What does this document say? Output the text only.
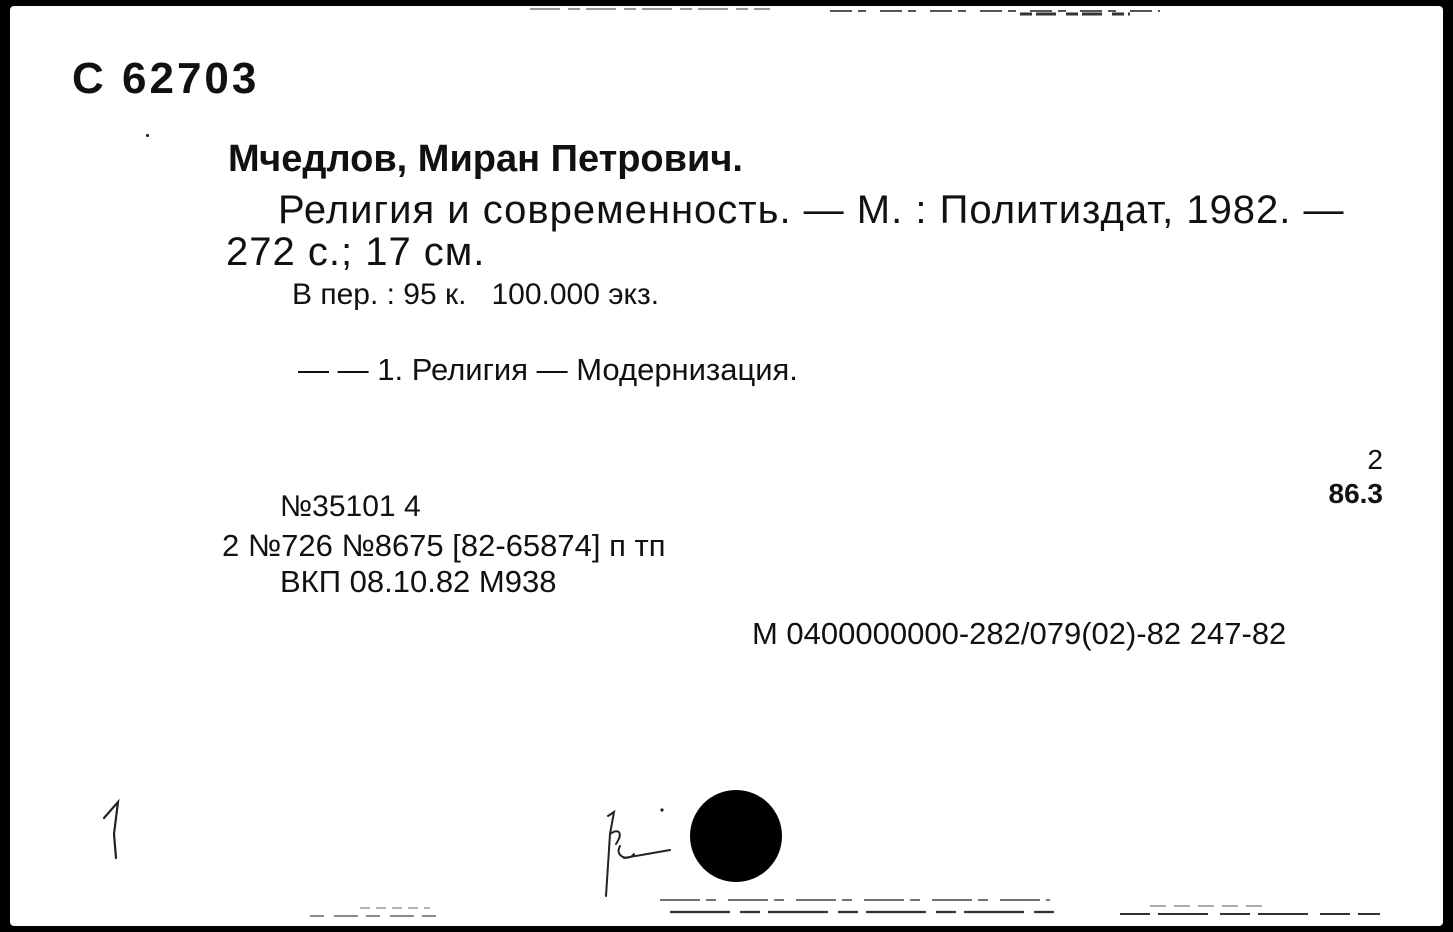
С 62703
Мчедлов, Миран Петрович.
Религия и современность. — М. : Политиздат, 1982. —
272 с.; 17 см.
В пер. : 95 к.   100.000 экз.
— — 1. Религия — Модернизация.
2
86.3
№35101 4
2 №726 №8675 [82-65874] п тп
ВКП 08.10.82 М938
М 0400000000-282/079(02)-82 247-82
